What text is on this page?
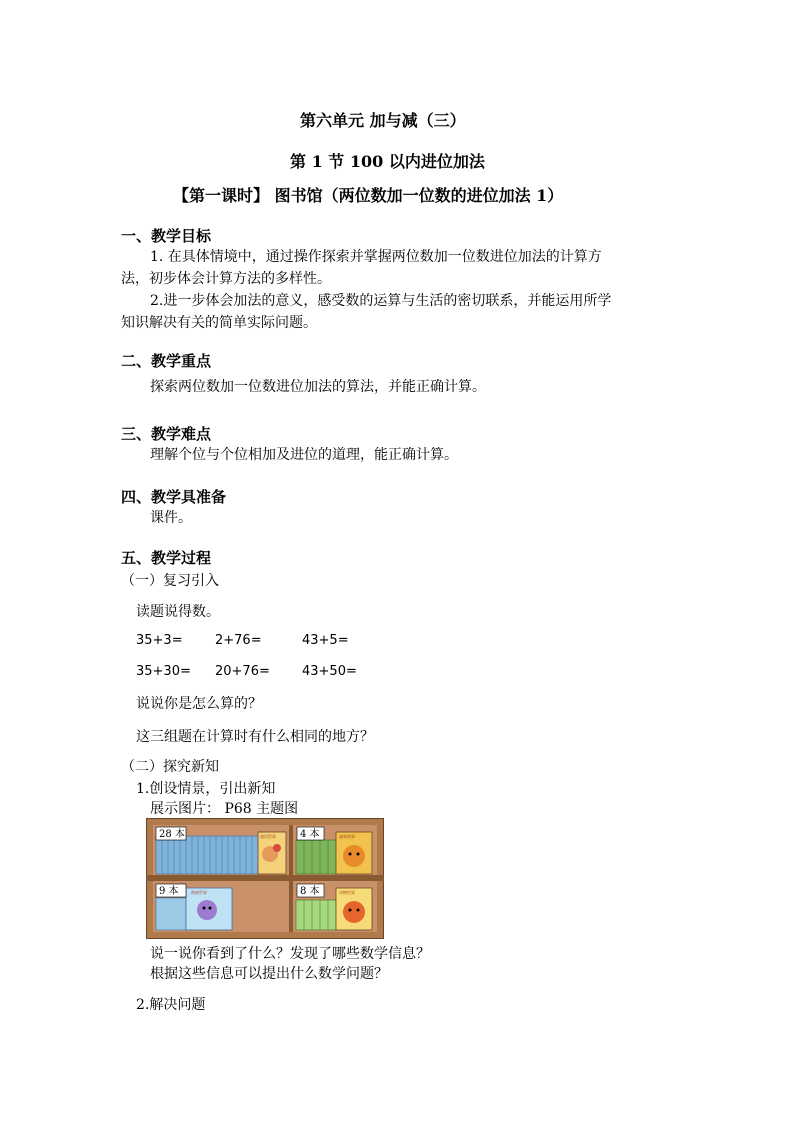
第六单元 加与减（三）
第 1 节 100 以内进位加法
【第一课时】 图书馆（两位数加一位数的进位加法 1）
一、教学目标
1. 在具体情境中，通过操作探索并掌握两位数加一位数进位加法的计算方
法，初步体会计算方法的多样性。
2.进一步体会加法的意义，感受数的运算与生活的密切联系，并能运用所学
知识解决有关的简单实际问题。
二、教学重点
探索两位数加一位数进位加法的算法，并能正确计算。
三、教学难点
理解个位与个位相加及进位的道理，能正确计算。
四、教学具准备
课件。
五、教学过程
（一）复习引入
读题说得数。
35+3= 2+76=	43+5=
35+30= 20+76= 43+50=
说说你是怎么算的？
这三组题在计算时有什么相同的地方？
（二）探究新知
1.创设情景，引出新知
展示图片： P68 主题图
28 本	童话世界 4 本	森林故事
9 本	海底世界	8 本	动物世界
说一说你看到了什么？发现了哪些数学信息？
根据这些信息可以提出什么数学问题？
2.解决问题
